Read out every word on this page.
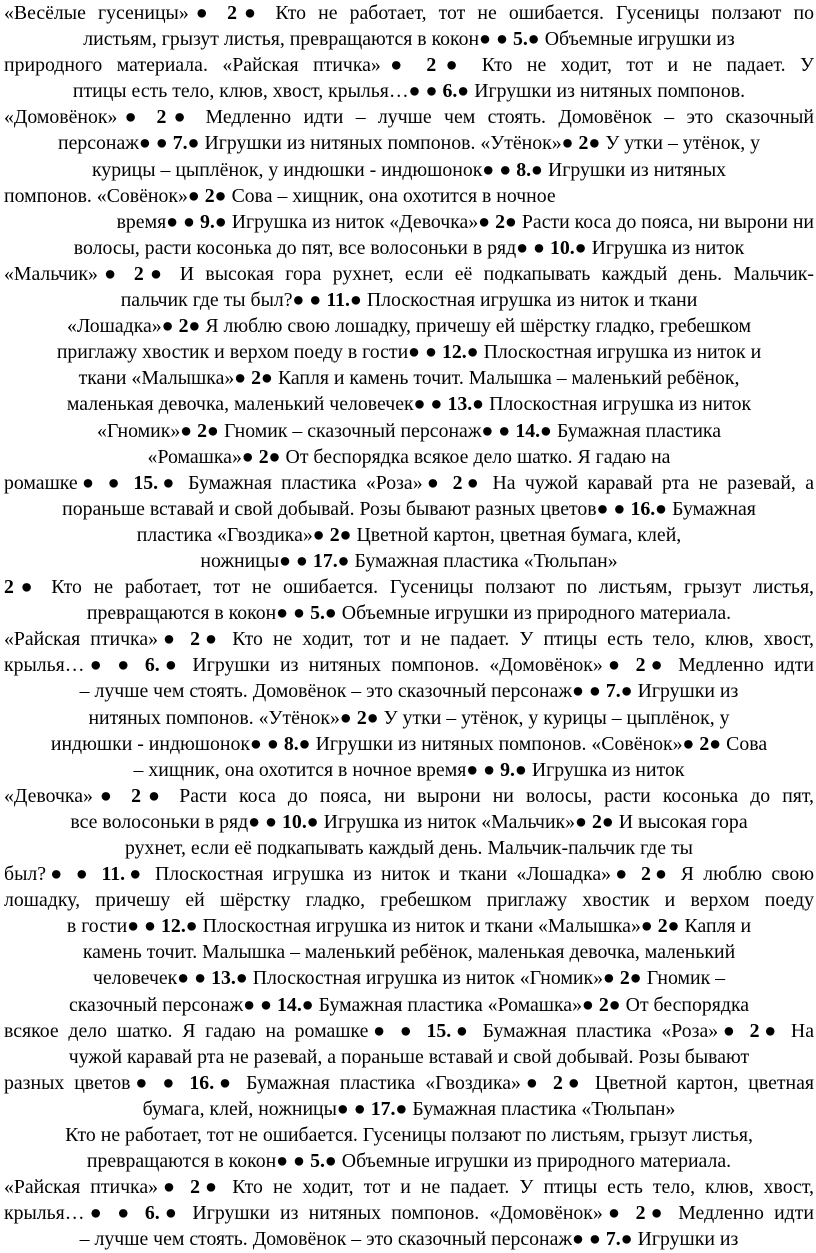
«Весёлые гусеницы»● 2● Кто не работает, тот не ошибается. Гусеницы ползают по
листьям, грызут листья, превращаются в кокон● ● 5.● Объемные игрушки из
природного материала. «Райская птичка»● 2● Кто не ходит, тот и не падает. У
птицы есть тело, клюв, хвост, крылья…● ● 6.● Игрушки из нитяных помпонов.
«Домовёнок»● 2● Медленно идти – лучше чем стоять. Домовёнок – это сказочный
персонаж● ● 7.● Игрушки из нитяных помпонов. «Утёнок»● 2● У утки – утёнок, у
курицы – цыплёнок, у индюшки - индюшонок● ● 8.● Игрушки из нитяных
помпонов. «Совёнок»● 2● Сова – хищник, она охотится в ночное
время● ● 9.● Игрушка из ниток «Девочка»● 2● Расти коса до пояса, ни вырони ни
волосы, расти косонька до пят, все волосоньки в ряд● ● 10.● Игрушка из ниток
«Мальчик»● 2● И высокая гора рухнет, если её подкапывать каждый день. Мальчик-
пальчик где ты был?● ● 11.● Плоскостная игрушка из ниток и ткани
«Лошадка»● 2● Я люблю свою лошадку, причешу ей шёрстку гладко, гребешком
приглажу хвостик и верхом поеду в гости● ● 12.● Плоскостная игрушка из ниток и
ткани «Малышка»● 2● Капля и камень точит. Малышка – маленький ребёнок,
маленькая девочка, маленький человечек● ● 13.● Плоскостная игрушка из ниток
«Гномик»● 2● Гномик – сказочный персонаж● ● 14.● Бумажная пластика
«Ромашка»● 2● От беспорядка всякое дело шатко. Я гадаю на
ромашке● ● 15.● Бумажная пластика «Роза»● 2● На чужой каравай рта не разевай, а
пораньше вставай и свой добывай. Розы бывают разных цветов● ● 16.● Бумажная
пластика «Гвоздика»● 2● Цветной картон, цветная бумага, клей,
ножницы● ● 17.● Бумажная пластика «Тюльпан»
2● Кто не работает, тот не ошибается. Гусеницы ползают по листьям, грызут листья,
превращаются в кокон● ● 5.● Объемные игрушки из природного материала.
«Райская птичка»● 2● Кто не ходит, тот и не падает. У птицы есть тело, клюв, хвост,
крылья…● ● 6.● Игрушки из нитяных помпонов. «Домовёнок»● 2● Медленно идти
– лучше чем стоять. Домовёнок – это сказочный персонаж● ● 7.● Игрушки из
нитяных помпонов. «Утёнок»● 2● У утки – утёнок, у курицы – цыплёнок, у
индюшки - индюшонок● ● 8.● Игрушки из нитяных помпонов. «Совёнок»● 2● Сова
– хищник, она охотится в ночное время● ● 9.● Игрушка из ниток
«Девочка»● 2● Расти коса до пояса, ни вырони ни волосы, расти косонька до пят,
все волосоньки в ряд● ● 10.● Игрушка из ниток «Мальчик»● 2● И высокая гора
рухнет, если её подкапывать каждый день. Мальчик-пальчик где ты
был?● ● 11.● Плоскостная игрушка из ниток и ткани «Лошадка»● 2● Я люблю свою
лошадку, причешу ей шёрстку гладко, гребешком приглажу хвостик и верхом поеду
в гости● ● 12.● Плоскостная игрушка из ниток и ткани «Малышка»● 2● Капля и
камень точит. Малышка – маленький ребёнок, маленькая девочка, маленький
человечек● ● 13.● Плоскостная игрушка из ниток «Гномик»● 2● Гномик –
сказочный персонаж● ● 14.● Бумажная пластика «Ромашка»● 2● От беспорядка
всякое дело шатко. Я гадаю на ромашке● ● 15.● Бумажная пластика «Роза»● 2● На
чужой каравай рта не разевай, а пораньше вставай и свой добывай. Розы бывают
разных цветов● ● 16.● Бумажная пластика «Гвоздика»● 2● Цветной картон, цветная
бумага, клей, ножницы● ● 17.● Бумажная пластика «Тюльпан»
Кто не работает, тот не ошибается. Гусеницы ползают по листьям, грызут листья,
превращаются в кокон● ● 5.● Объемные игрушки из природного материала.
«Райская птичка»● 2● Кто не ходит, тот и не падает. У птицы есть тело, клюв, хвост,
крылья…● ● 6.● Игрушки из нитяных помпонов. «Домовёнок»● 2● Медленно идти
– лучше чем стоять. Домовёнок – это сказочный персонаж● ● 7.● Игрушки из
